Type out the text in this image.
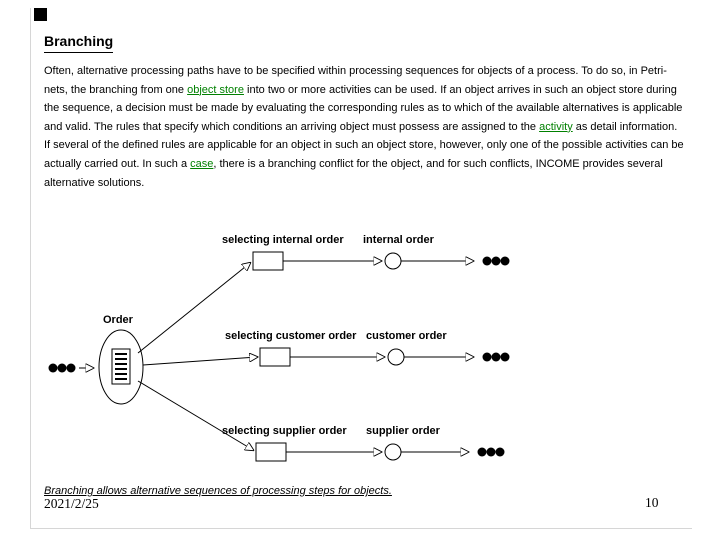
Branching

Often, alternative processing paths have to be specified within processing sequences for objects of a process. To do so, in Petri-nets, the branching from one object store into two or more activities can be used. If an object arrives in such an object store during the sequence, a decision must be made by evaluating the corresponding rules as to which of the available alternatives is applicable and valid. The rules that specify which conditions an arriving object must possess are assigned to the activity as detail information. If several of the defined rules are applicable for an object in such an object store, however, only one of the possible activities can be actually carried out. In such a case, there is a branching conflict for the object, and for such conflicts, INCOME provides several alternative solutions.

Order
selecting internal order internal order
selecting customer order customer order
selecting supplier order supplier order
Branching allows alternative sequences of processing steps for objects.
2021/2/25	10
